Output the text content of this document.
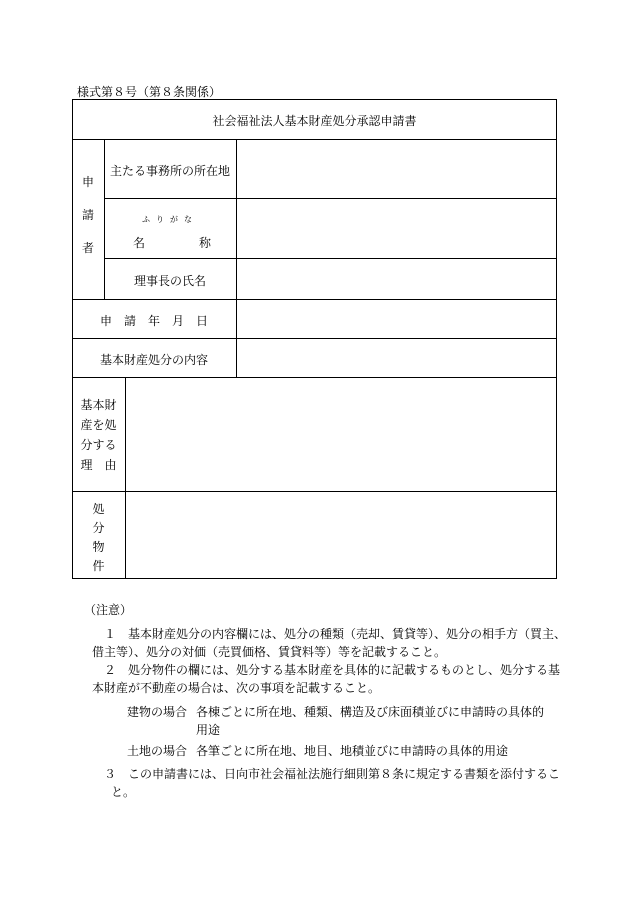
様式第８号（第８条関係）
社会福祉法人基本財産処分承認申請書
申
請
者
主たる事務所の所在地
ふりがな
名	称
理事長の氏名
申　請　年　月　日
基本財産処分の内容
基本財
産を処
分する
理　由
処
分
物
件
（注意）
１　基本財産処分の内容欄には、処分の種類（売却、賃貸等）、処分の相手方（買主、
借主等）、処分の対価（売買価格、賃貸料等）等を記載すること。
２　処分物件の欄には、処分する基本財産を具体的に記載するものとし、処分する基
本財産が不動産の場合は、次の事項を記載すること。
建物の場合 各棟ごとに所在地、種類、構造及び床面積並びに申請時の具体的
用途
土地の場合 各筆ごとに所在地、地目、地積並びに申請時の具体的用途
３　この申請書には、日向市社会福祉法施行細則第８条に規定する書類を添付するこ
と。
